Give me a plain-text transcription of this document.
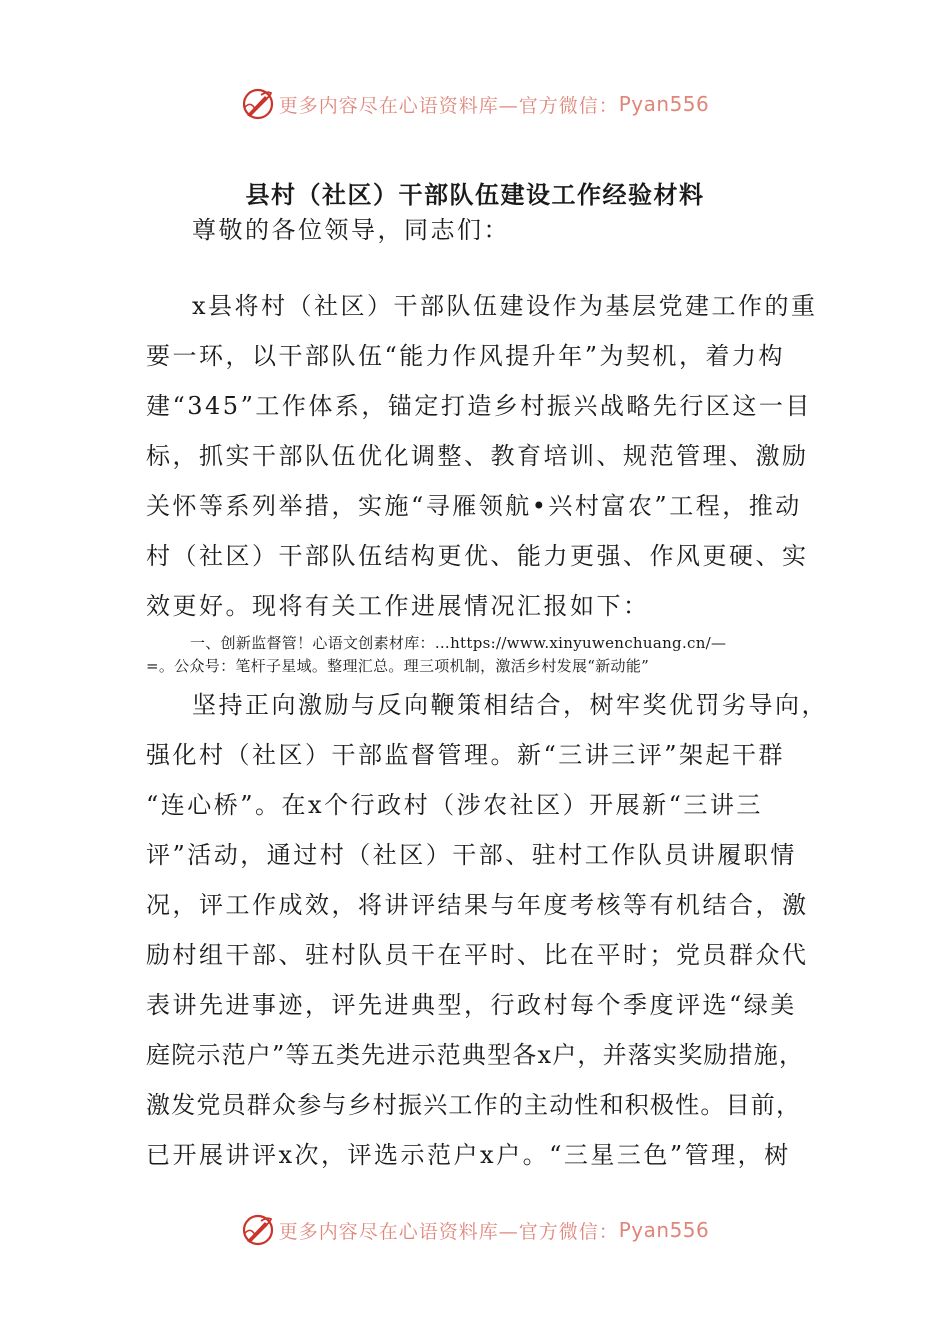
更多内容尽在心语资料库—官方微信： Pyan556
县村（社区）干部队伍建设工作经验材料
尊敬的各位领导，同志们：
x县将村（社区）干部队伍建设作为基层党建工作的重
要一环，以干部队伍“能力作风提升年”为契机，着力构
建“345”工作体系，锚定打造乡村振兴战略先行区这一目
标，抓实干部队伍优化调整、教育培训、规范管理、激励
关怀等系列举措，实施“寻雁领航•兴村富农”工程，推动
村（社区）干部队伍结构更优、能力更强、作风更硬、实
效更好。现将有关工作进展情况汇报如下：
一、创新监督管！心语文创素材库：…https://www.xinyuwenchuang.cn/—
=。公众号：笔杆子星域。整理汇总。理三项机制，激活乡村发展“新动能”
坚持正向激励与反向鞭策相结合，树牢奖优罚劣导向，
强化村（社区）干部监督管理。新“三讲三评”架起干群
“连心桥”。在x个行政村（涉农社区）开展新“三讲三
评”活动，通过村（社区）干部、驻村工作队员讲履职情
况，评工作成效，将讲评结果与年度考核等有机结合，激
励村组干部、驻村队员干在平时、比在平时；党员群众代
表讲先进事迹，评先进典型，行政村每个季度评选“绿美
庭院示范户”等五类先进示范典型各x户，并落实奖励措施，
激发党员群众参与乡村振兴工作的主动性和积极性。目前，
已开展讲评x次，评选示范户x户。“三星三色”管理，树
更多内容尽在心语资料库—官方微信： Pyan556
